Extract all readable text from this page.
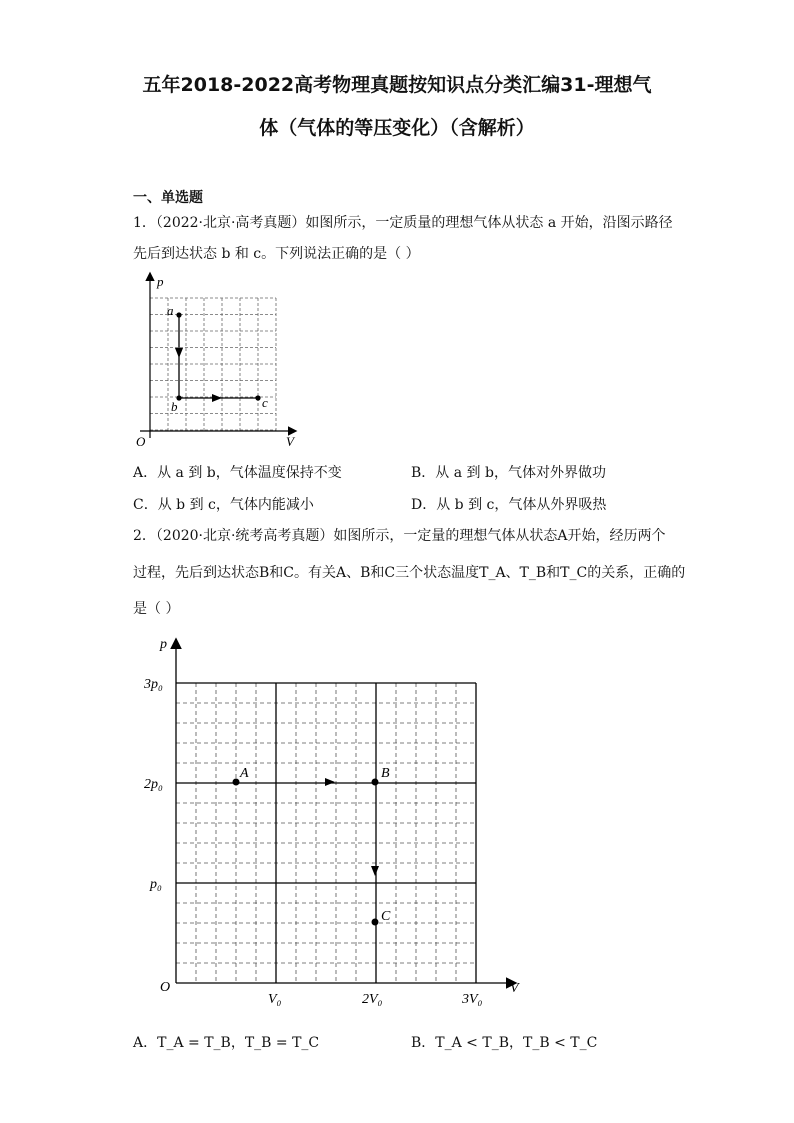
五年2018-2022高考物理真题按知识点分类汇编31-理想气
体（气体的等压变化）（含解析）
一、单选题
1．（2022·北京·高考真题）如图所示，一定质量的理想气体从状态 a 开始，沿图示路径
先后到达状态 b 和 c。下列说法正确的是（ ）
p
V
O
a
b	c
A．从 a 到 b，气体温度保持不变	B．从 a 到 b，气体对外界做功
C．从 b 到 c，气体内能减小	D．从 b 到 c，气体从外界吸热
2．（2020·北京·统考高考真题）如图所示，一定量的理想气体从状态A开始，经历两个
过程，先后到达状态B和C。有关A、B和C三个状态温度T_A、T_B和T_C的关系，正确的
是（ ）
p
V
O
3p₀
2p₀
p₀
V₀	2V₀	3V₀
A	B
C
A．T_A = T_B，T_B = T_C	B．T_A < T_B，T_B < T_C
